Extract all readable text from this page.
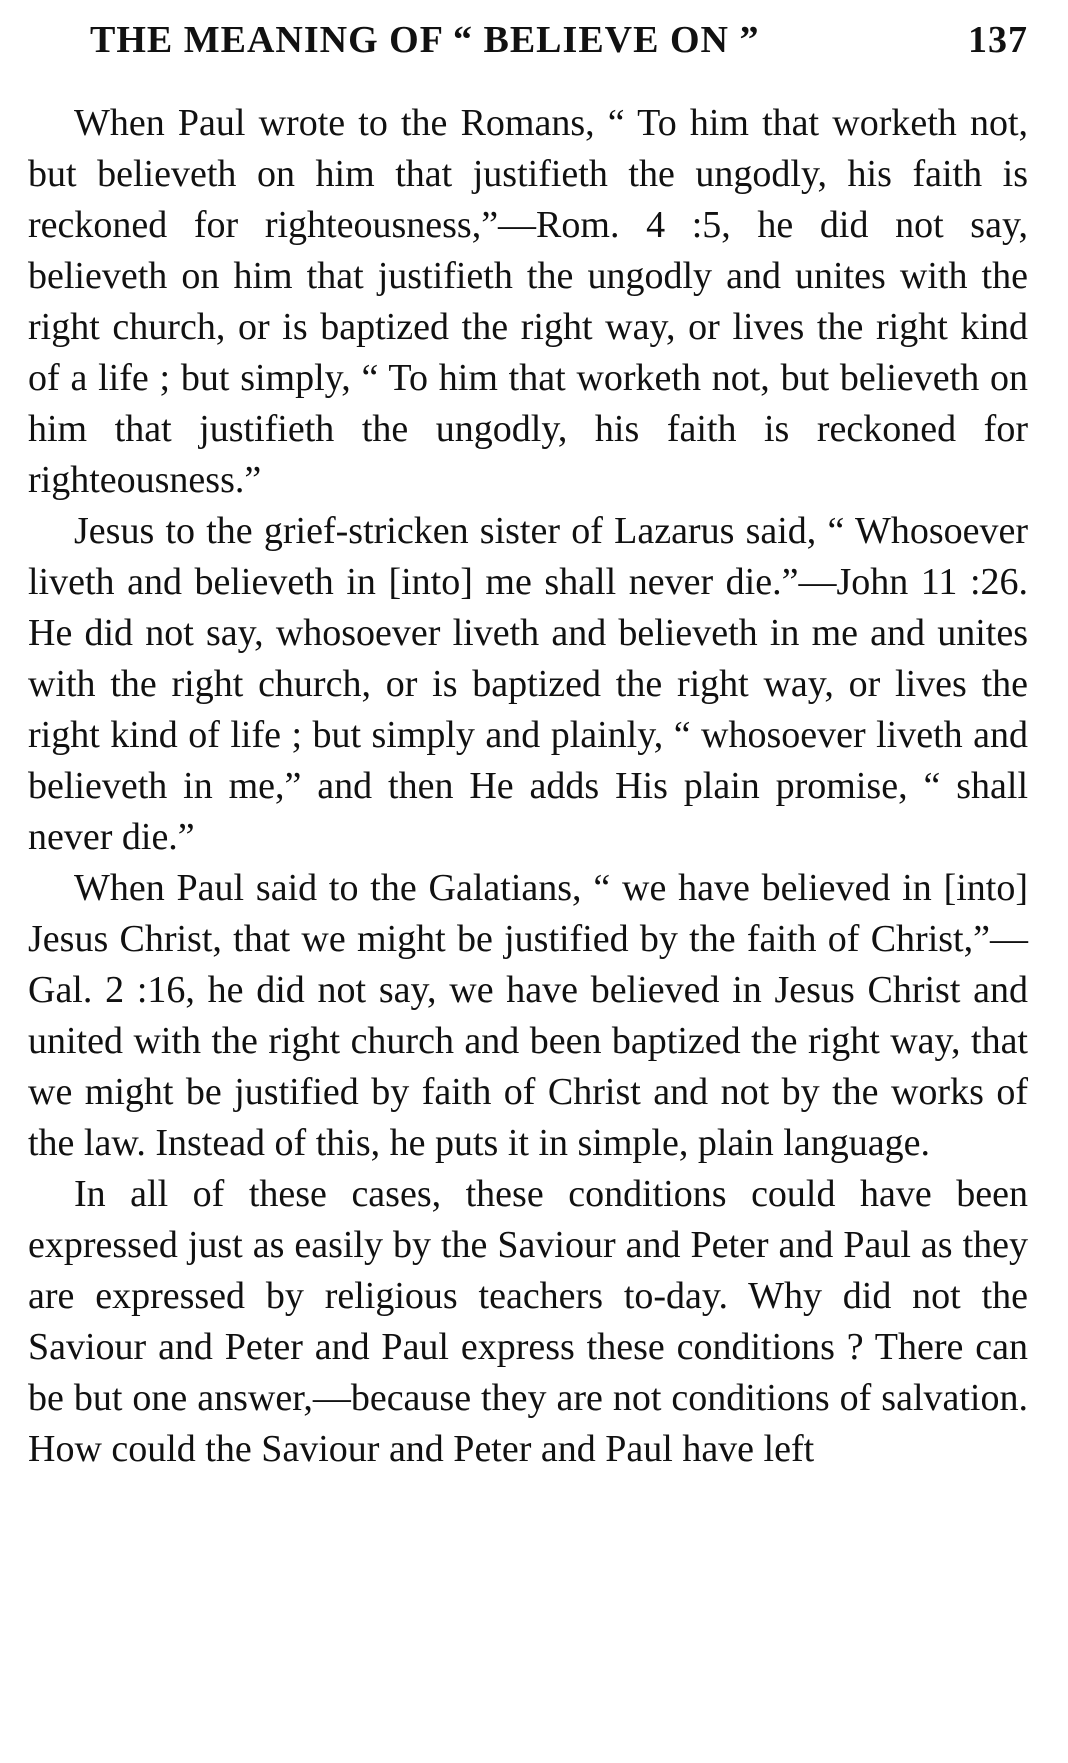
THE MEANING OF “ BELIEVE ON ”	137

When Paul wrote to the Romans, “ To him that worketh not, but believeth on him that justifieth the ungodly, his faith is reckoned for righteousness,”—Rom. 4 :5, he did not say, believeth on him that justifieth the ungodly and unites with the right church, or is baptized the right way, or lives the right kind of a life ; but simply, “ To him that worketh not, but believeth on him that justifieth the ungodly, his faith is reckoned for righteousness.”

Jesus to the grief-stricken sister of Lazarus said, “ Whosoever liveth and believeth in [into] me shall never die.”—John 11 :26. He did not say, whosoever liveth and believeth in me and unites with the right church, or is baptized the right way, or lives the right kind of life ; but simply and plainly, “ whosoever liveth and believeth in me,” and then He adds His plain promise, “ shall never die.”

When Paul said to the Galatians, “ we have believed in [into] Jesus Christ, that we might be justified by the faith of Christ,”—Gal. 2 :16, he did not say, we have believed in Jesus Christ and united with the right church and been baptized the right way, that we might be justified by faith of Christ and not by the works of the law. Instead of this, he puts it in simple, plain language.

In all of these cases, these conditions could have been expressed just as easily by the Saviour and Peter and Paul as they are expressed by religious teachers to-day. Why did not the Saviour and Peter and Paul express these conditions ? There can be but one answer,—because they are not conditions of salvation. How could the Saviour and Peter and Paul have left
